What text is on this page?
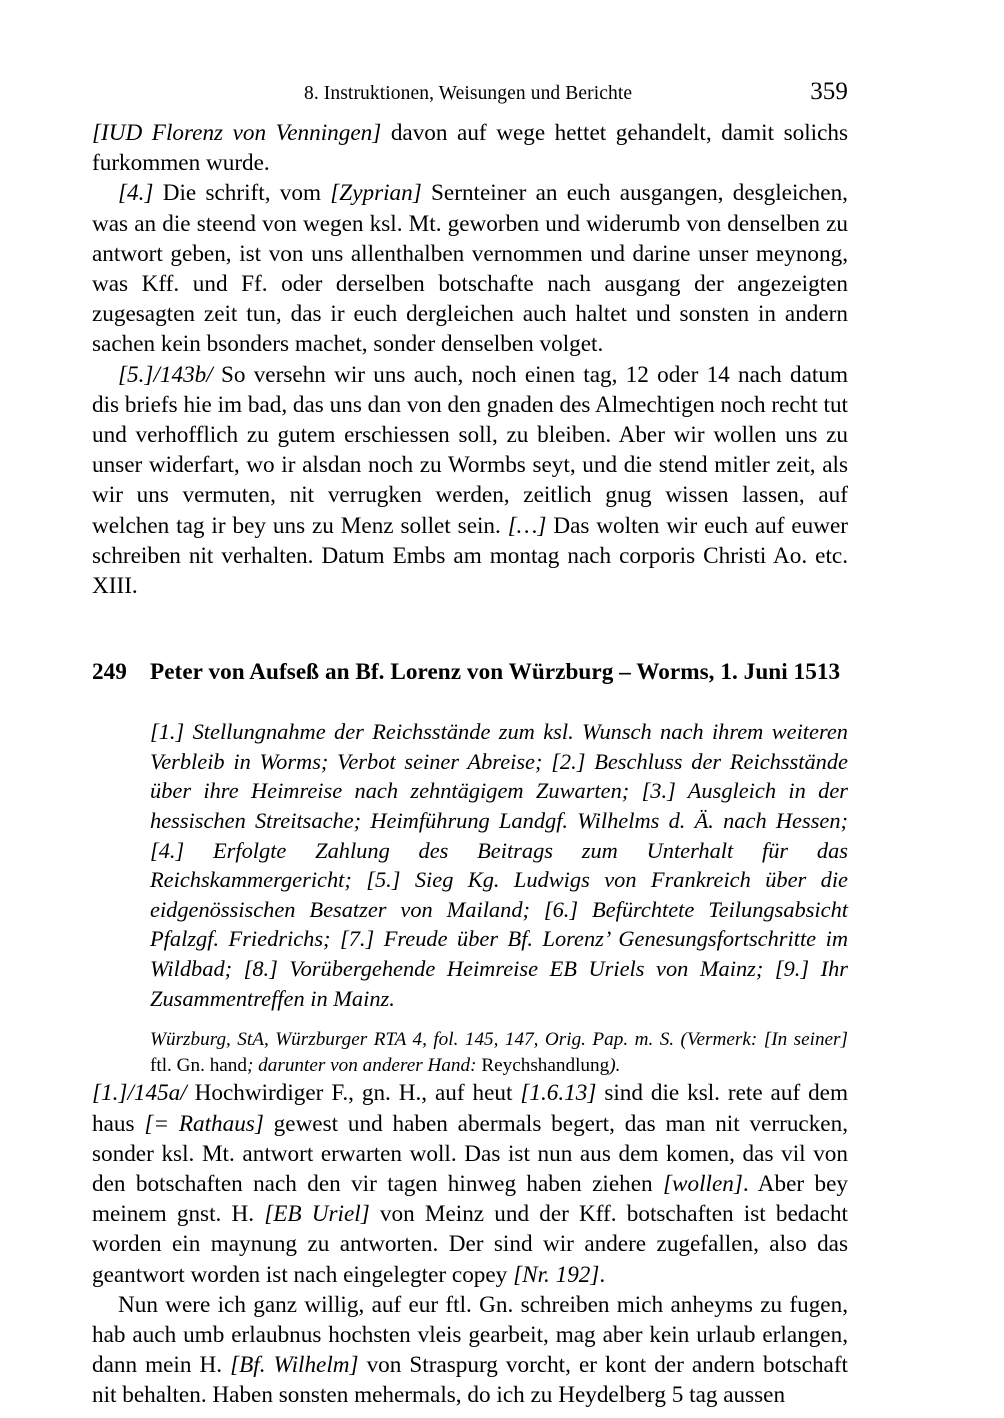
8. Instruktionen, Weisungen und Berichte	359

[IUD Florenz von Venningen] davon auf wege hettet gehandelt, damit solichs furkommen wurde.

[4.] Die schrift, vom [Zyprian] Sernteiner an euch ausgangen, desgleichen, was an die steend von wegen ksl. Mt. geworben und widerumb von denselben zu antwort geben, ist von uns allenthalben vernommen und darine unser meynong, was Kff. und Ff. oder derselben botschafte nach ausgang der angezeigten zugesagten zeit tun, das ir euch dergleichen auch haltet und sonsten in andern sachen kein bsonders machet, sonder denselben volget.

[5.]/143b/ So versehn wir uns auch, noch einen tag, 12 oder 14 nach datum dis briefs hie im bad, das uns dan von den gnaden des Almechtigen noch recht tut und verhofflich zu gutem erschiessen soll, zu bleiben. Aber wir wollen uns zu unser widerfart, wo ir alsdan noch zu Wormbs seyt, und die stend mitler zeit, als wir uns vermuten, nit verrugken werden, zeitlich gnug wissen lassen, auf welchen tag ir bey uns zu Menz sollet sein. […] Das wolten wir euch auf euwer schreiben nit verhalten. Datum Embs am montag nach corporis Christi Ao. etc. XIII.

249 Peter von Aufseß an Bf. Lorenz von Würzburg – Worms, 1. Juni 1513

[1.] Stellungnahme der Reichsstände zum ksl. Wunsch nach ihrem weiteren Verbleib in Worms; Verbot seiner Abreise; [2.] Beschluss der Reichsstände über ihre Heimreise nach zehntägigem Zuwarten; [3.] Ausgleich in der hessischen Streitsache; Heimführung Landgf. Wilhelms d. Ä. nach Hessen; [4.] Erfolgte Zahlung des Beitrags zum Unterhalt für das Reichskammergericht; [5.] Sieg Kg. Ludwigs von Frankreich über die eidgenössischen Besatzer von Mailand; [6.] Befürchtete Teilungsabsicht Pfalzgf. Friedrichs; [7.] Freude über Bf. Lorenz’ Genesungsfortschritte im Wildbad; [8.] Vorübergehende Heimreise EB Uriels von Mainz; [9.] Ihr Zusammentreffen in Mainz.

Würzburg, StA, Würzburger RTA 4, fol. 145, 147, Orig. Pap. m. S. (Vermerk: [In seiner] ftl. Gn. hand; darunter von anderer Hand: Reychshandlung).

[1.]/145a/ Hochwirdiger F., gn. H., auf heut [1.6.13] sind die ksl. rete auf dem haus [= Rathaus] gewest und haben abermals begert, das man nit verrucken, sonder ksl. Mt. antwort erwarten woll. Das ist nun aus dem komen, das vil von den botschaften nach den vir tagen hinweg haben ziehen [wollen]. Aber bey meinem gnst. H. [EB Uriel] von Meinz und der Kff. botschaften ist bedacht worden ein maynung zu antworten. Der sind wir andere zugefallen, also das geantwort worden ist nach eingelegter copey [Nr. 192].

Nun were ich ganz willig, auf eur ftl. Gn. schreiben mich anheyms zu fugen, hab auch umb erlaubnus hochsten vleis gearbeit, mag aber kein urlaub erlangen, dann mein H. [Bf. Wilhelm] von Straspurg vorcht, er kont der andern botschaft nit behalten. Haben sonsten mehermals, do ich zu Heydelberg 5 tag aussen
